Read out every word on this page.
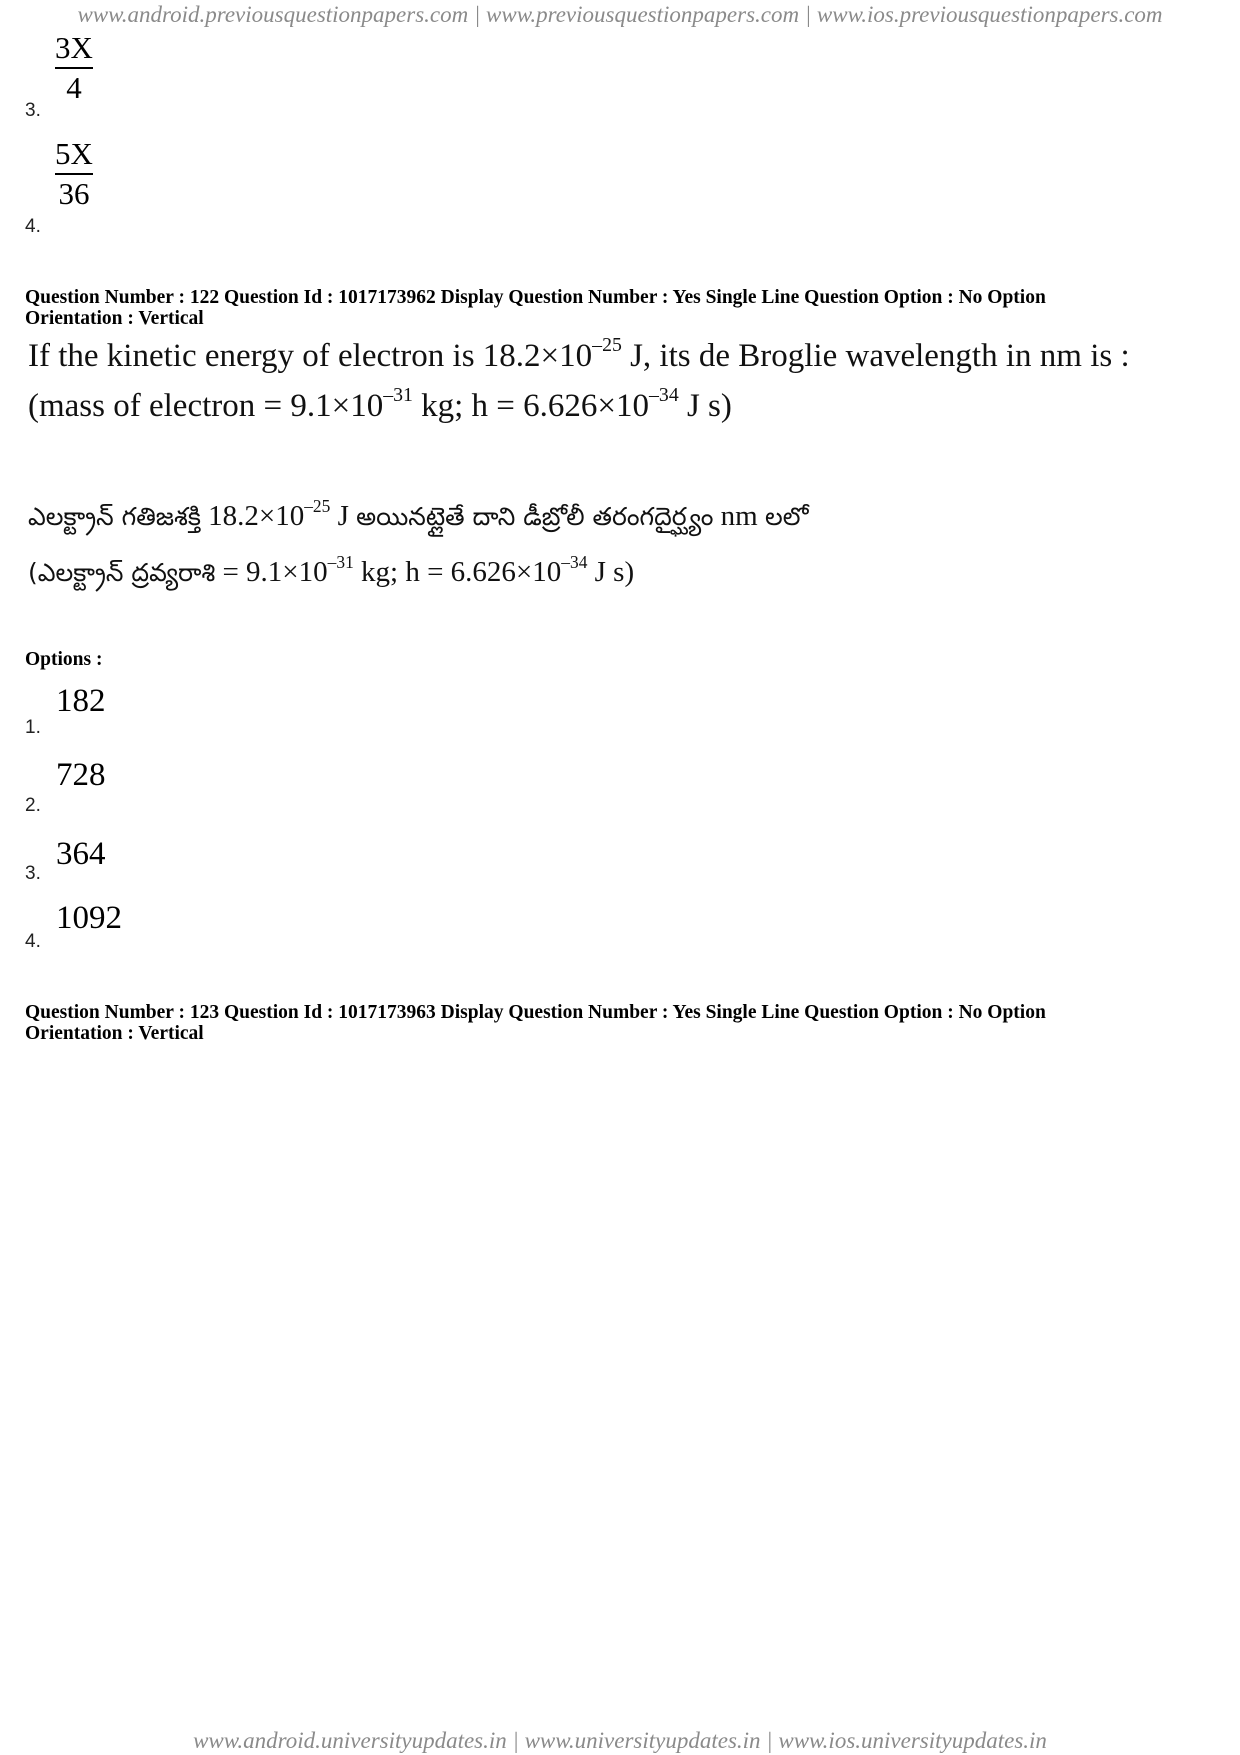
www.android.previousquestionpapers.com | www.previousquestionpapers.com | www.ios.previousquestionpapers.com
3.
3X
4
4.
5X
36
Question Number : 122 Question Id : 1017173962 Display Question Number : Yes Single Line Question Option : No Option
Orientation : Vertical
If the kinetic energy of electron is $18.2\times 10^{-25}$ J, its de Broglie wavelength in nm is :
(mass of electron = $9.1\times 10^{-31}$ kg; $h = 6.626\times 10^{-34}$ J s)
ఎలక్ట్రాన్ గతిజశక్తి $18.2\times 10^{-25}$ J అయినట్లైతే దాని డీబ్రోలీ తరంగదైర్ఘ్యం nm లలో
(ఎలక్ట్రాన్ ద్రవ్యరాశి = $9.1\times 10^{-31}$ kg; $h = 6.626\times 10^{-34}$ J s)
Options :
1.
182
2.
728
3.
364
4.
1092
Question Number : 123 Question Id : 1017173963 Display Question Number : Yes Single Line Question Option : No Option
Orientation : Vertical
www.android.universityupdates.in | www.universityupdates.in | www.ios.universityupdates.in
